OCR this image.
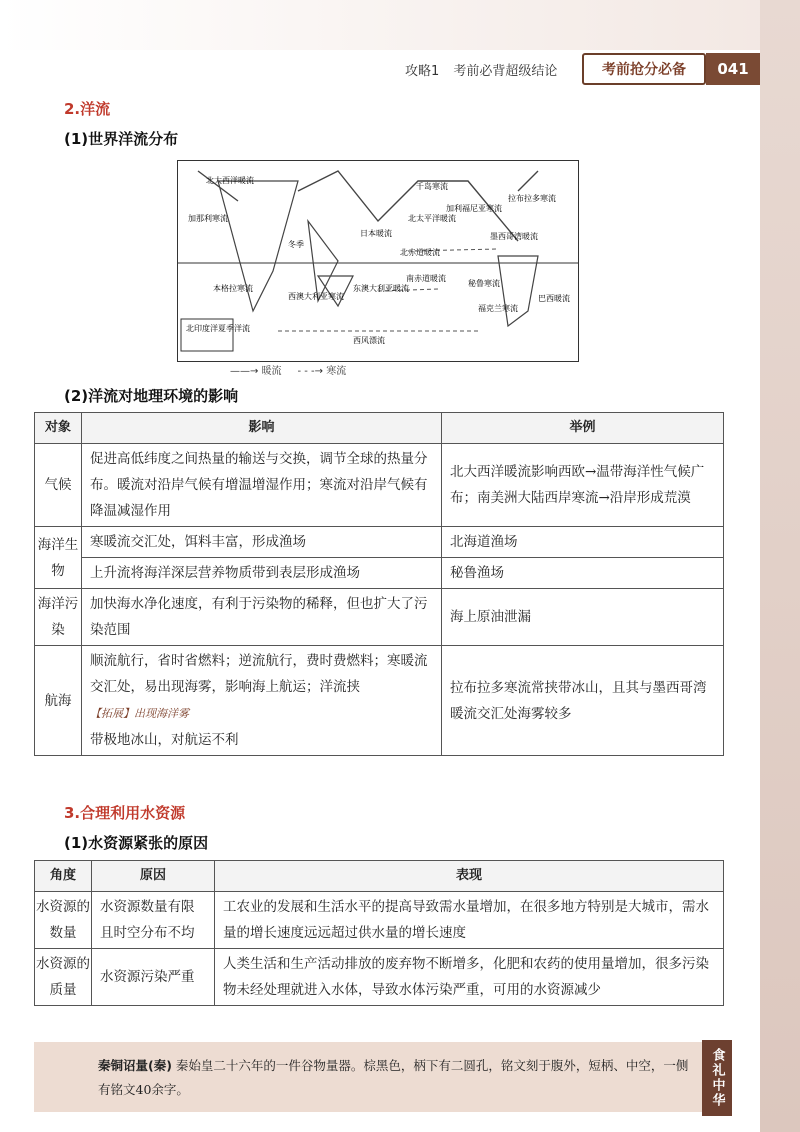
攻略1 考前必背超级结论	考前抢分必备	041
2.洋流
(1)世界洋流分布
北印度洋夏季洋流
北大西洋暖流
拉布拉多寒流
墨西哥湾暖流
加那利寒流
本格拉寒流
巴西暖流
福克兰寒流
冬季
北赤道暖流
南赤道暖流
西风漂流
北太平洋暖流
日本暖流
千岛寒流
加利福尼亚寒流
秘鲁寒流
西澳大利亚寒流
东澳大利亚暖流
——→ 暖流 - - -→ 寒流
(2)洋流对地理环境的影响
对象	影响	举例
气候	促进高低纬度之间热量的输送与交换，调节全球的热量分布。暖流对沿岸气候有增温增湿作用；寒流对沿岸气候有降温减湿作用	北大西洋暖流影响西欧→温带海洋性气候广布；南美洲大陆西岸寒流→沿岸形成荒漠
海洋生物	寒暖流交汇处，饵料丰富，形成渔场	北海道渔场
	上升流将海洋深层营养物质带到表层形成渔场	秘鲁渔场
海洋污染	加快海水净化速度，有利于污染物的稀释，但也扩大了污染范围	海上原油泄漏
航海	顺流航行，省时省燃料；逆流航行，费时费燃料；寒暖流交汇处，易出现海雾，影响海上航运；洋流挟
【拓展】出现海洋雾
带极地冰山，对航运不利	拉布拉多寒流常挟带冰山，且其与墨西哥湾暖流交汇处海雾较多
3.合理利用水资源
(1)水资源紧张的原因
角度	原因	表现
水资源的数量	水资源数量有限且时空分布不均	工农业的发展和生活水平的提高导致需水量增加，在很多地方特别是大城市，需水量的增长速度远远超过供水量的增长速度
水资源的质量	水资源污染严重	人类生活和生产活动排放的废弃物不断增多，化肥和农药的使用量增加，很多污染物未经处理就进入水体，导致水体污染严重，可用的水资源减少
秦铜诏量(秦) 秦始皇二十六年的一件谷物量器。棕黑色，柄下有二圆孔，铭文刻于腹外，短柄、中空，一侧有铭文40余字。	食礼中华
